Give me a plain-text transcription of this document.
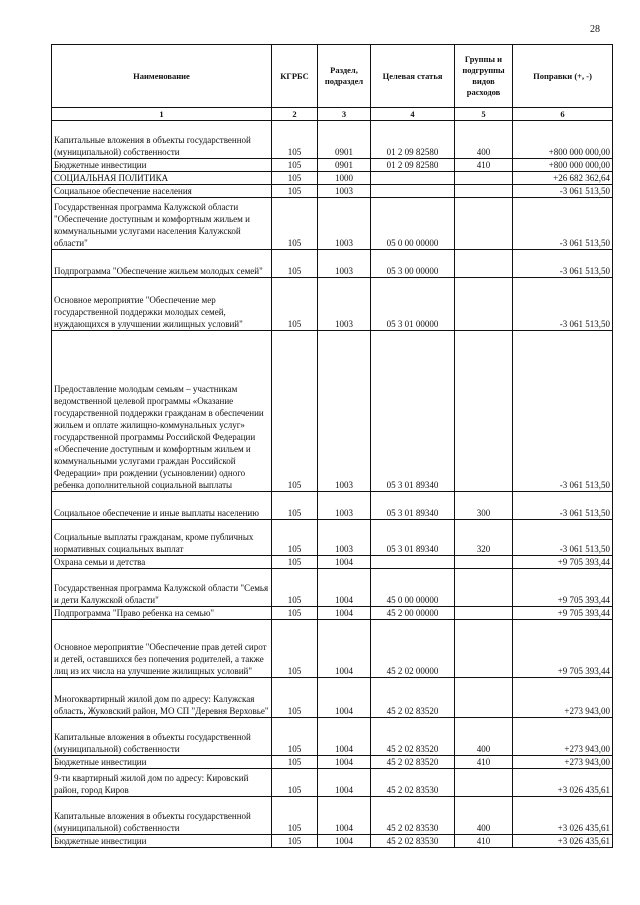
28
Наименование	КГРБС	Раздел, подраздел	Целевая статья	Группы и подгруппы видов расходов	Поправки (+, -)
1	2	3	4	5	6
Капитальные вложения в объекты государственной (муниципальной) собственности	105	0901	01 2 09 82580	400	+800 000 000,00
Бюджетные инвестиции	105	0901	01 2 09 82580	410	+800 000 000,00
СОЦИАЛЬНАЯ ПОЛИТИКА	105	1000			+26 682 362,64
Социальное обеспечение населения	105	1003			-3 061 513,50
Государственная программа Калужской области "Обеспечение доступным и комфортным жильем и коммунальными услугами населения Калужской области"	105	1003	05 0 00 00000		-3 061 513,50
Подпрограмма "Обеспечение жильем молодых семей"	105	1003	05 3 00 00000		-3 061 513,50
Основное мероприятие "Обеспечение мер государственной поддержки молодых семей, нуждающихся в улучшении жилищных условий"	105	1003	05 3 01 00000		-3 061 513,50
Предоставление молодым семьям – участникам ведомственной целевой программы «Оказание государственной поддержки гражданам в обеспечении жильем и оплате жилищно-коммунальных услуг» государственной программы Российской Федерации «Обеспечение доступным и комфортным жильем и коммунальными услугами граждан Российской Федерации» при рождении (усыновлении) одного ребенка дополнительной социальной выплаты	105	1003	05 3 01 89340		-3 061 513,50
Социальное обеспечение и иные выплаты населению	105	1003	05 3 01 89340	300	-3 061 513,50
Социальные выплаты гражданам, кроме публичных нормативных социальных выплат	105	1003	05 3 01 89340	320	-3 061 513,50
Охрана семьи и детства	105	1004			+9 705 393,44
Государственная программа Калужской области "Семья и дети Калужской области"	105	1004	45 0 00 00000		+9 705 393,44
Подпрограмма "Право ребенка на семью"	105	1004	45 2 00 00000		+9 705 393,44
Основное мероприятие "Обеспечение прав детей сирот и детей, оставшихся без попечения родителей, а также лиц из их числа на улучшение жилищных условий"	105	1004	45 2 02 00000		+9 705 393,44
Многоквартирный жилой дом по адресу: Калужская область, Жуковский район, МО СП "Деревня Верховье"	105	1004	45 2 02 83520		+273 943,00
Капитальные вложения в объекты государственной (муниципальной) собственности	105	1004	45 2 02 83520	400	+273 943,00
Бюджетные инвестиции	105	1004	45 2 02 83520	410	+273 943,00
9-ти квартирный жилой дом по адресу: Кировский район, город Киров	105	1004	45 2 02 83530		+3 026 435,61
Капитальные вложения в объекты государственной (муниципальной) собственности	105	1004	45 2 02 83530	400	+3 026 435,61
Бюджетные инвестиции	105	1004	45 2 02 83530	410	+3 026 435,61
